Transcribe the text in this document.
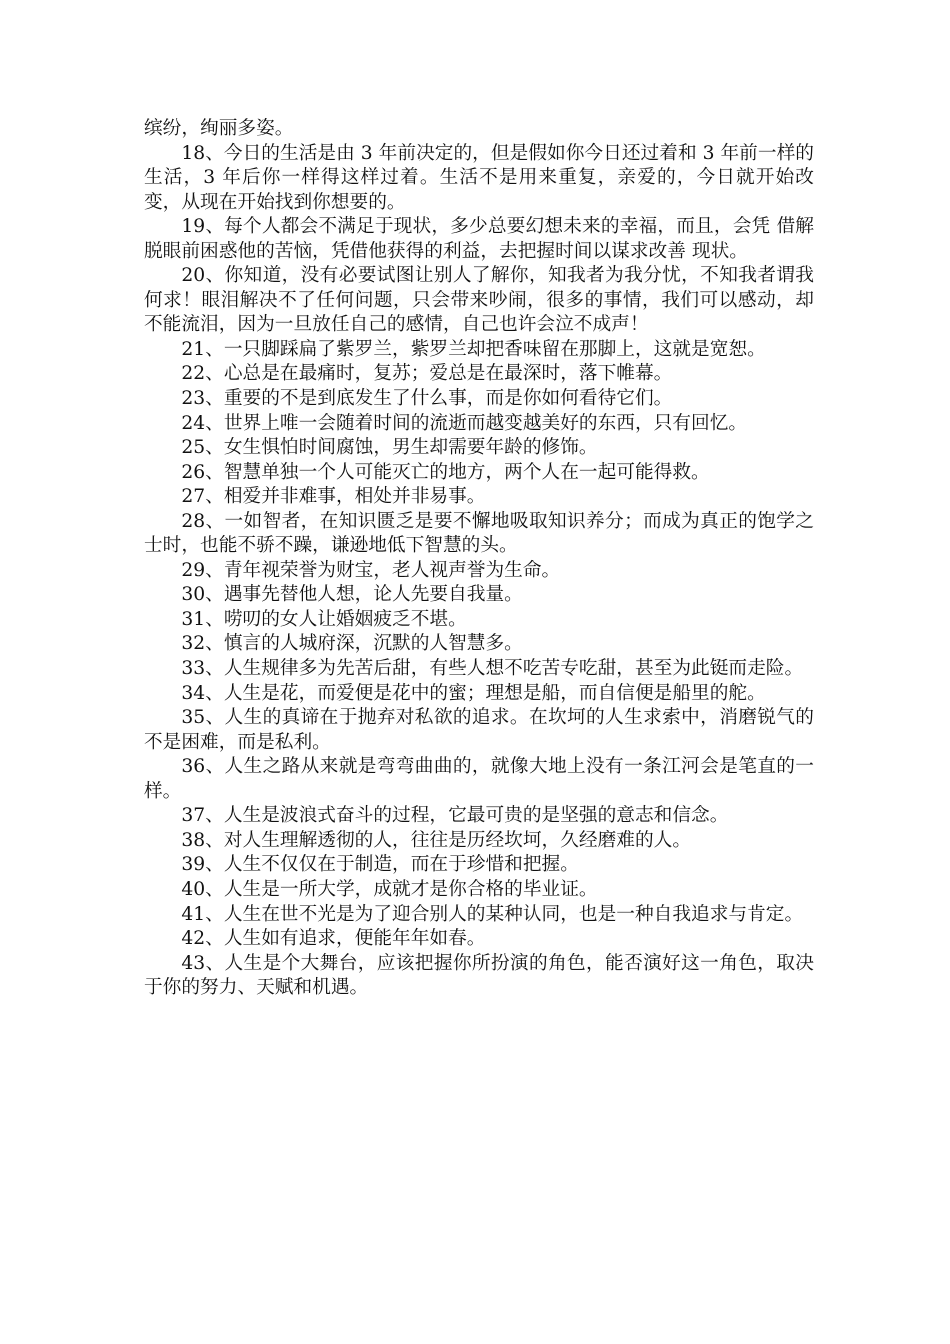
缤纷，绚丽多姿。

18、今日的生活是由 3 年前决定的，但是假如你今日还过着和 3 年前一样的生活，3 年后你一样得这样过着。生活不是用来重复，亲爱的，今日就开始改变，从现在开始找到你想要的。

19、每个人都会不满足于现状，多少总要幻想未来的幸福，而且，会凭 借解脱眼前困惑他的苦恼，凭借他获得的利益，去把握时间以谋求改善 现状。

20、你知道，没有必要试图让别人了解你，知我者为我分忧，不知我者谓我何求！眼泪解决不了任何问题，只会带来吵闹，很多的事情，我们可以感动，却不能流泪，因为一旦放任自己的感情，自己也许会泣不成声！

21、一只脚踩扁了紫罗兰，紫罗兰却把香味留在那脚上，这就是宽恕。

22、心总是在最痛时，复苏；爱总是在最深时，落下帷幕。

23、重要的不是到底发生了什么事，而是你如何看待它们。

24、世界上唯一会随着时间的流逝而越变越美好的东西，只有回忆。

25、女生惧怕时间腐蚀，男生却需要年龄的修饰。

26、智慧单独一个人可能灭亡的地方，两个人在一起可能得救。

27、相爱并非难事，相处并非易事。

28、一如智者，在知识匮乏是要不懈地吸取知识养分；而成为真正的饱学之士时，也能不骄不躁，谦逊地低下智慧的头。

29、青年视荣誉为财宝，老人视声誉为生命。

30、遇事先替他人想，论人先要自我量。

31、唠叨的女人让婚姻疲乏不堪。

32、慎言的人城府深，沉默的人智慧多。

33、人生规律多为先苦后甜，有些人想不吃苦专吃甜，甚至为此铤而走险。

34、人生是花，而爱便是花中的蜜；理想是船，而自信便是船里的舵。

35、人生的真谛在于抛弃对私欲的追求。在坎坷的人生求索中，消磨锐气的不是困难，而是私利。

36、人生之路从来就是弯弯曲曲的，就像大地上没有一条江河会是笔直的一样。

37、人生是波浪式奋斗的过程，它最可贵的是坚强的意志和信念。

38、对人生理解透彻的人，往往是历经坎坷，久经磨难的人。

39、人生不仅仅在于制造，而在于珍惜和把握。

40、人生是一所大学，成就才是你合格的毕业证。

41、人生在世不光是为了迎合别人的某种认同，也是一种自我追求与肯定。

42、人生如有追求，便能年年如春。

43、人生是个大舞台，应该把握你所扮演的角色，能否演好这一角色，取决于你的努力、天赋和机遇。
